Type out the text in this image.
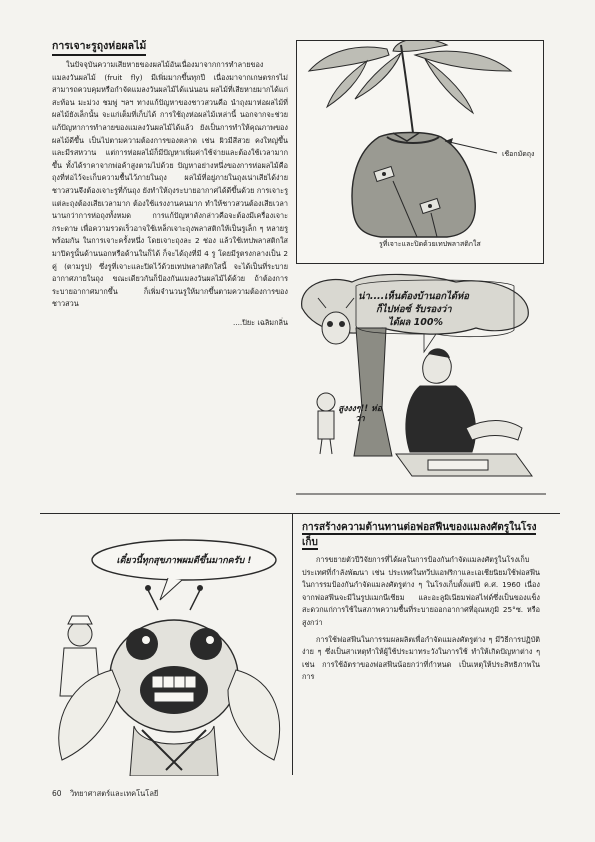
การเจาะรูถุงห่อผลไม้

ในปัจจุบันความเสียหายของผลไม้อันเนื่องมาจากการทำลายของแมลงวันผลไม้ (fruit fly) มีเพิ่มมากขึ้นทุกปี เนื่องมาจากเกษตรกรไม่สามารถควบคุมหรือกำจัดแมลงวันผลไม้ได้แน่นอน ผลไม้ที่เสียหายมากได้แก่ สะท้อน มะม่วง ชมพู่ ฯลฯ ทางแก้ปัญหาของชาวสวนคือ นำถุงมาห่อผลไม้ที่ผลไม้ยังเล็กนั้น จะแก่เต็มที่เก็บได้ การใช้ถุงห่อผลไม้เหล่านี้ นอกจากจะช่วยแก้ปัญหาการทำลายของแมลงวันผลไม้ได้แล้ว ยังเป็นการทำให้คุณภาพของผลไม้ดีขึ้น เป็นไปตามความต้องการของตลาด เช่น ผิวมีสีสวย คงใหญ่ขึ้น และมีรสหวาน แต่การห่อผลไม้ก็มีปัญหาเพิ่มค่าใช้จ่ายและต้องใช้เวลามากขึ้น ทั้งได้ราคาจากพ่อค้าสูงตามไปด้วย ปัญหาอย่างหนึ่งของการห่อผลไม้คือถุงที่ห่อไว้จะเก็บความชื้นไว้ภายในถุง ผลไม้ที่อยู่ภายในถุงเน่าเสียได้ง่าย ชาวสวนจึงต้องเจาะรูที่ก้นถุง ยังทำให้ถุงระบายอากาศได้ดีขึ้นด้วย การเจาะรูแต่ละถุงต้องเสียเวลามาก ต้องใช้แรงงานคนมาก ทำให้ชาวสวนต้องเสียเวลานานกว่าการห่อถุงทั้งหมด การแก้ปัญหาดังกล่าวคือจะต้องมีเครื่องเจาะกระดาษ เพื่อความรวดเร็วอาจใช้เหล็กเจาะถุงพลาสติกให้เป็นรูเล็ก ๆ หลายรูพร้อมกัน ในการเจาะครั้งหนึ่ง โดยเจาะถุงละ 2 ช่อง แล้วใช้เทปพลาสติกใสมาปิดรูนั้นด้านนอกหรือด้านในก็ได้ ก็จะได้ถุงที่มี 4 รู โดยมีรูตรงกลางเป็น 2 คู่ (ตามรูป) ซึ่งรูที่เจาะและปิดไว้ด้วยเทปพลาสติกใสนี้ จะได้เป็นที่ระบายอากาศภายในถุง ขณะเดียวกันก็ป้องกันแมลงวันผลไม้ได้ด้วย ถ้าต้องการระบายอากาศมากขึ้น ก็เพิ่มจำนวนรูให้มากขึ้นตามความต้องการของชาวสวน

....ปิยะ เฉลิมกลิ่น

เชือกมัดถุง
รูที่เจาะและปิดด้วยเทปพลาสติกใส
น่า....เห็นต้องบ้านอกได้ห่อ
ก็ไปห่อซ์ รับรองว่า
ได้ผล 100%
สูงงงๆ!! ห่อว่า
เดี๋ยวนี้ทุกสุขภาพผมดีขึ้นมากครับ !
การสร้างความต้านทานต่อฟอสฟีนของแมลงศัตรูในโรงเก็บ

การขยายตัวปีวิจัยการที่ได้ผลในการป้องกันกำจัดแมลงศัตรูในโรงเก็บ ประเทศที่กำลังพัฒนา เช่น ประเทศในทวีปแอฟริกาและเอเชียนิยมใช้ฟอสฟีนในการรมป้องกันกำจัดแมลงศัตรูต่าง ๆ ในโรงเก็บตั้งแต่ปี ค.ศ. 1960 เนื่องจากฟอสฟีนจะมีในรูปแมกนีเซียม และอะลูมิเนียมฟอสไฟด์ซึ่งเป็นของแข็งสะดวกแก่การใช้ในสภาพความชื้นที่ระบายออกอากาศที่อุณหภูมิ 25°ซ. หรือสูงกว่า

การใช้ฟอสฟีนในการรมผลผลิตเพื่อกำจัดแมลงศัตรูต่าง ๆ มีวิธีการปฏิบัติง่าย ๆ ซึ่งเป็นสาเหตุทำให้ผู้ใช้ประมาทระวังในการใช้ ทำให้เกิดปัญหาต่าง ๆ เช่น การใช้อัตราของฟอสฟีนน้อยกว่าที่กำหนด เป็นเหตุให้ประสิทธิภาพในการ

60 วิทยาศาสตร์และเทคโนโลยี
